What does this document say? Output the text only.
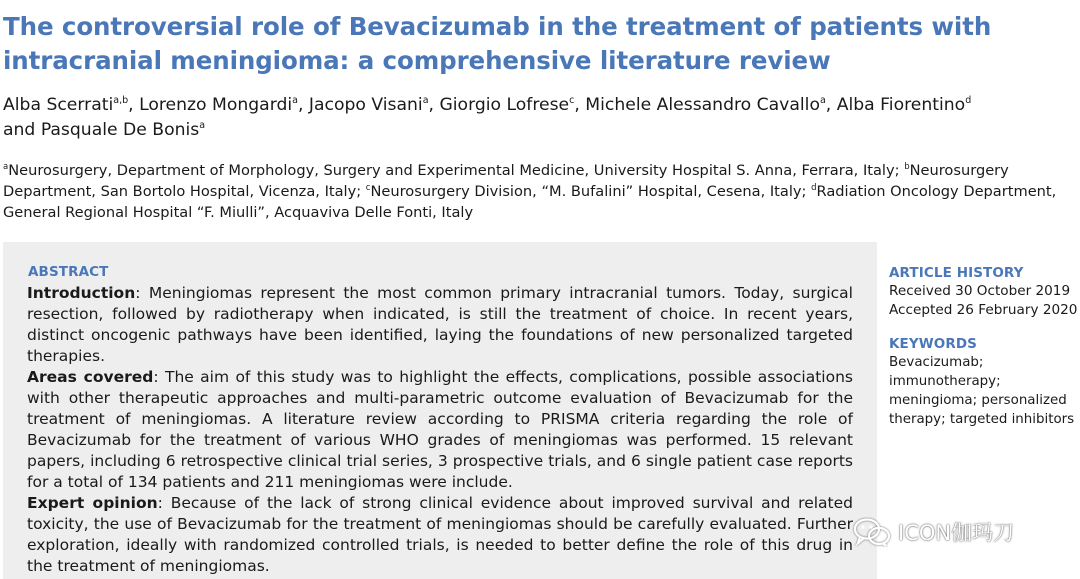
The controversial role of Bevacizumab in the treatment of patients with intracranial meningioma: a comprehensive literature review
Alba Scerrati$^{a,b}$, Lorenzo Mongardi$^a$, Jacopo Visani$^a$, Giorgio Lofrese$^c$, Michele Alessandro Cavallo$^a$, Alba Fiorentino$^d$
and Pasquale De Bonis$^a$
$^a$Neurosurgery, Department of Morphology, Surgery and Experimental Medicine, University Hospital S. Anna, Ferrara, Italy; $^b$Neurosurgery Department, San Bortolo Hospital, Vicenza, Italy; $^c$Neurosurgery Division, “M. Bufalini” Hospital, Cesena, Italy; $^d$Radiation Oncology Department, General Regional Hospital “F. Miulli”, Acquaviva Delle Fonti, Italy
ABSTRACT

Introduction: Meningiomas represent the most common primary intracranial tumors. Today, surgical resection, followed by radiotherapy when indicated, is still the treatment of choice. In recent years, distinct oncogenic pathways have been identified, laying the foundations of new personalized targeted therapies.

Areas covered: The aim of this study was to highlight the effects, complications, possible associations with other therapeutic approaches and multi-parametric outcome evaluation of Bevacizumab for the treatment of meningiomas. A literature review according to PRISMA criteria regarding the role of Bevacizumab for the treatment of various WHO grades of meningiomas was performed. 15 relevant papers, including 6 retrospective clinical trial series, 3 prospective trials, and 6 single patient case reports for a total of 134 patients and 211 meningiomas were include.

Expert opinion: Because of the lack of strong clinical evidence about improved survival and related toxicity, the use of Bevacizumab for the treatment of meningiomas should be carefully evaluated. Further exploration, ideally with randomized controlled trials, is needed to better define the role of this drug in the treatment of meningiomas.

ARTICLE HISTORY
Received 30 October 2019
Accepted 26 February 2020
KEYWORDS
Bevacizumab;
immunotherapy;
meningioma; personalized
therapy; targeted inhibitors
ICON伽玛刀
